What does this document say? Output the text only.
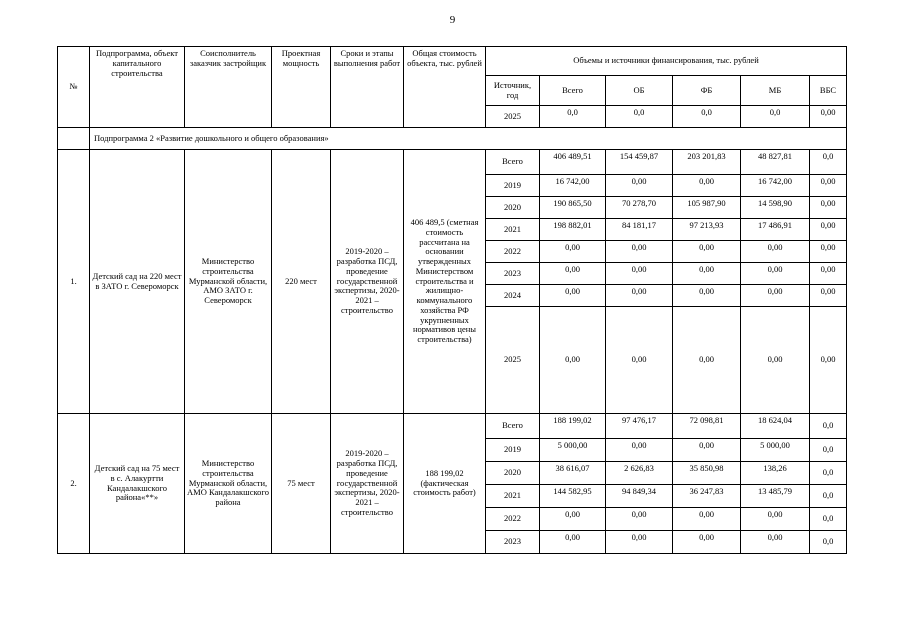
9
№	Подпрограмма, объект капитального строительства	Соисполнитель заказчик застройщик	Проектная мощность	Сроки и этапы выполнения работ	Общая стоимость объекта, тыс. рублей	Объемы и источники финансирования, тыс. рублей					
						Источник, год	Всего	ОБ	ФБ	МБ	ВБС
						2025	0,0	0,0	0,0	0,0	0,00
	Подпрограмма 2 «Развитие дошкольного и общего образования»										
1.	Детский сад на 220 мест в ЗАТО г. Североморск	Министерство строительства Мурманской области, АМО ЗАТО г. Североморск	220 мест	2019-2020 – разработка ПСД, проведение государственной экспертизы, 2020-2021 – строительство	406 489,5 (сметная стоимость рассчитана на основании утвержденных Министерством строительства и жилищно-коммунального хозяйства РФ укрупненных нормативов цены строительства)	Всего	406 489,51	154 459,87	203 201,83	48 827,81	0,0
						2019	16 742,00	0,00	0,00	16 742,00	0,00
						2020	190 865,50	70 278,70	105 987,90	14 598,90	0,00
						2021	198 882,01	84 181,17	97 213,93	17 486,91	0,00
						2022	0,00	0,00	0,00	0,00	0,00
						2023	0,00	0,00	0,00	0,00	0,00
						2024	0,00	0,00	0,00	0,00	0,00
						2025	0,00	0,00	0,00	0,00	0,00
2.	Детский сад на 75 мест в с. Алакуртти Кандалакшского района«**»	Министерство строительства Мурманской области, АМО Кандалакшского района	75 мест	2019-2020 – разработка ПСД, проведение государственной экспертизы, 2020-2021 – строительство	188 199,02 (фактическая стоимость работ)	Всего	188 199,02	97 476,17	72 098,81	18 624,04	0,0
						2019	5 000,00	0,00	0,00	5 000,00	0,0
						2020	38 616,07	2 626,83	35 850,98	138,26	0,0
						2021	144 582,95	94 849,34	36 247,83	13 485,79	0,0
						2022	0,00	0,00	0,00	0,00	0,0
						2023	0,00	0,00	0,00	0,00	0,0
